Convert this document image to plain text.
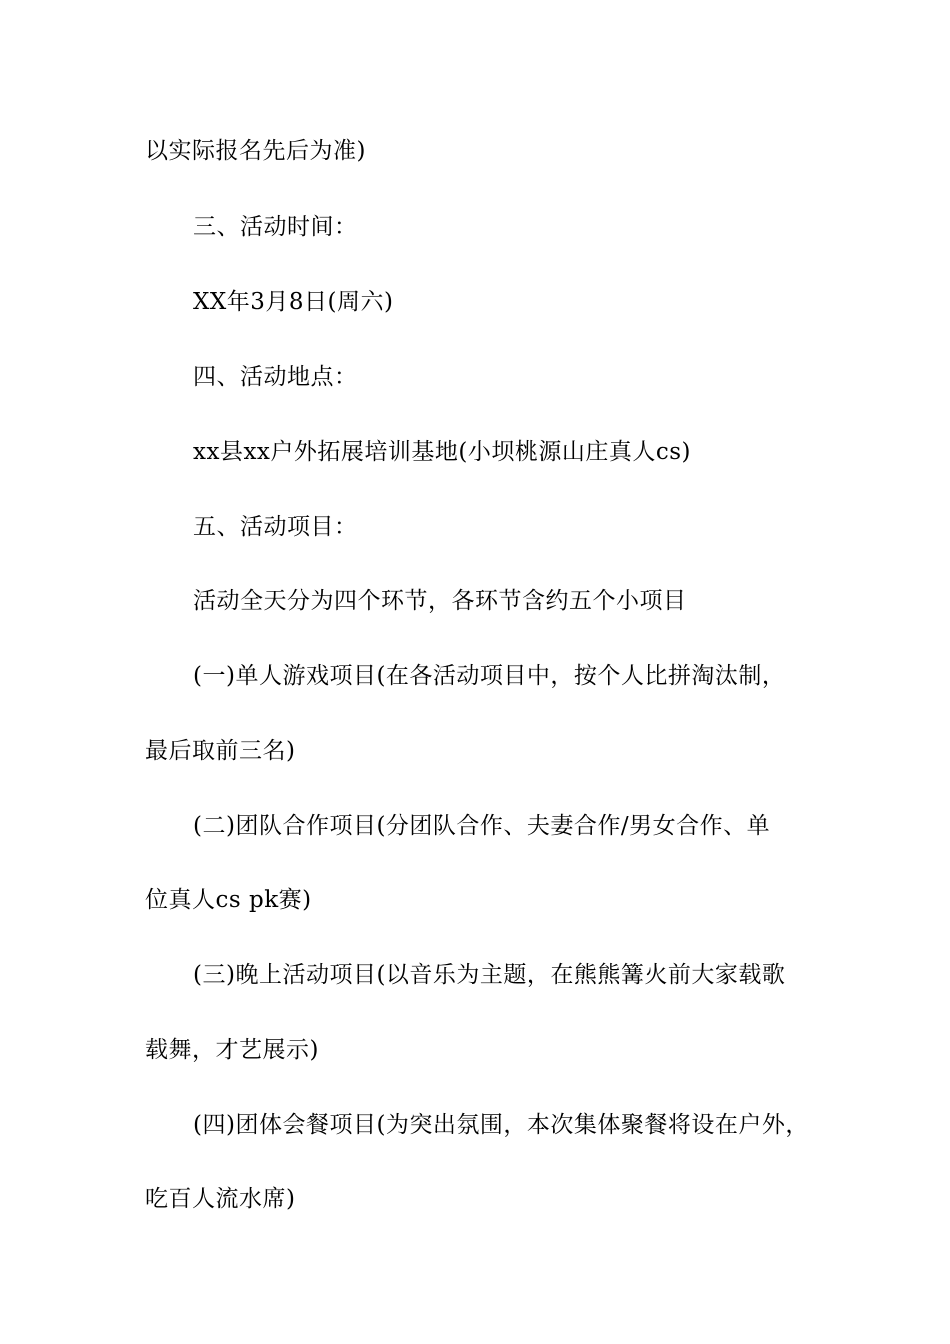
以实际报名先后为准)
三、活动时间：
XX年3月8日(周六)
四、活动地点：
xx县xx户外拓展培训基地(小坝桃源山庄真人cs)
五、活动项目：
活动全天分为四个环节，各环节含约五个小项目
(一)单人游戏项目(在各活动项目中，按个人比拼淘汰制，
最后取前三名)
(二)团队合作项目(分团队合作、夫妻合作/男女合作、单
位真人cs pk赛)
(三)晚上活动项目(以音乐为主题，在熊熊篝火前大家载歌
载舞，才艺展示)
(四)团体会餐项目(为突出氛围，本次集体聚餐将设在户外，
吃百人流水席)
